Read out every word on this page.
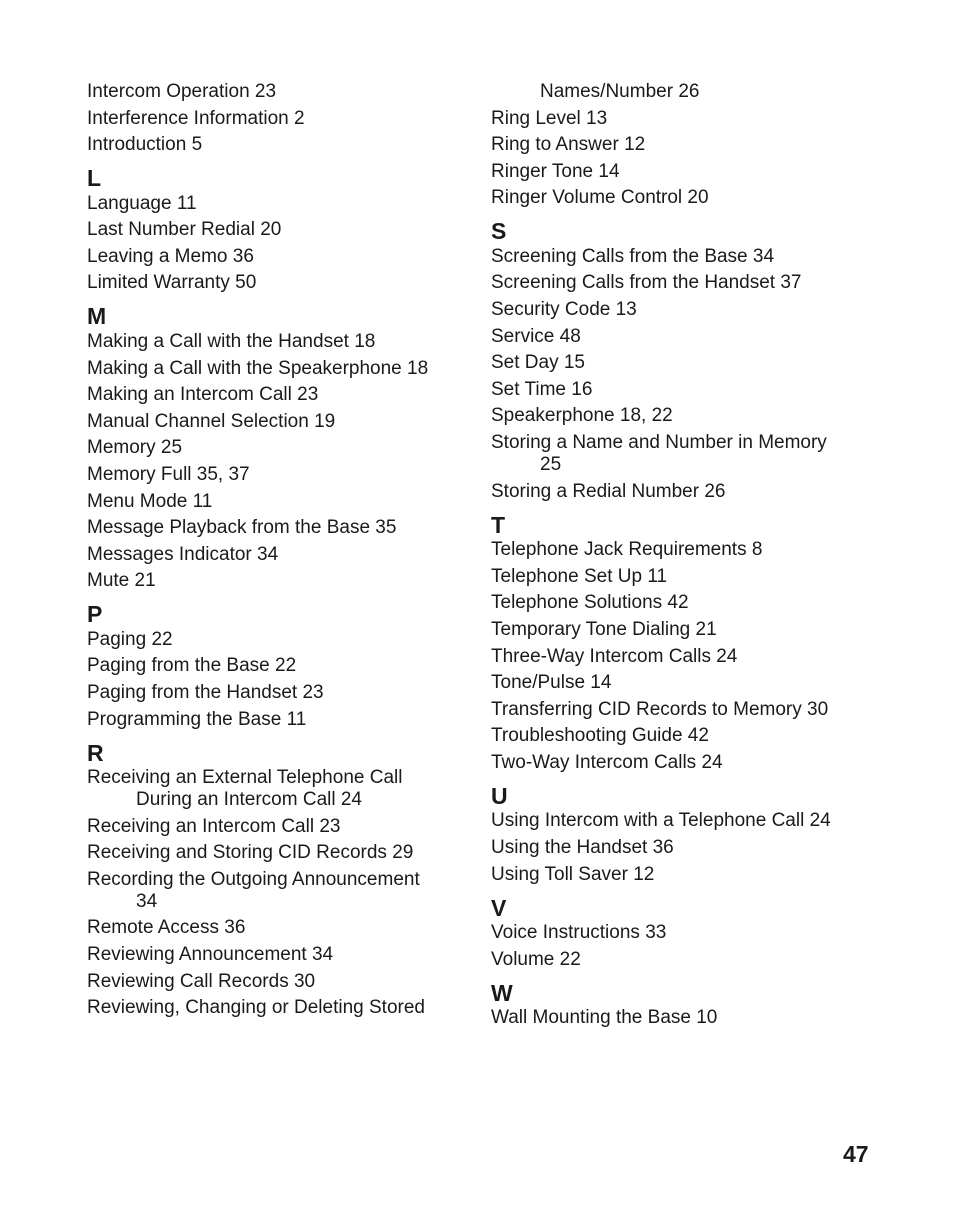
Intercom Operation 23
Interference Information 2
Introduction 5
L
Language 11
Last Number Redial 20
Leaving a Memo 36
Limited Warranty 50
M
Making a Call with the Handset 18
Making a Call with the Speakerphone 18
Making an Intercom Call 23
Manual Channel Selection 19
Memory 25
Memory Full 35, 37
Menu Mode 11
Message Playback from the Base 35
Messages Indicator 34
Mute 21
P
Paging 22
Paging from the Base 22
Paging from the Handset 23
Programming the Base 11
R
Receiving an External Telephone Call
During an Intercom Call 24
Receiving an Intercom Call 23
Receiving and Storing CID Records 29
Recording the Outgoing Announcement
34
Remote Access 36
Reviewing Announcement 34
Reviewing Call Records 30
Reviewing, Changing or Deleting Stored
Names/Number 26
Ring Level 13
Ring to Answer 12
Ringer Tone 14
Ringer Volume Control 20
S
Screening Calls from the Base 34
Screening Calls from the Handset 37
Security Code 13
Service 48
Set Day 15
Set Time 16
Speakerphone 18, 22
Storing a Name and Number in Memory
25
Storing a Redial Number 26
T
Telephone Jack Requirements 8
Telephone Set Up 11
Telephone Solutions 42
Temporary Tone Dialing 21
Three-Way Intercom Calls 24
Tone/Pulse 14
Transferring CID Records to Memory 30
Troubleshooting Guide 42
Two-Way Intercom Calls 24
U
Using Intercom with a Telephone Call 24
Using the Handset 36
Using Toll Saver 12
V
Voice Instructions 33
Volume 22
W
Wall Mounting the Base 10
47
